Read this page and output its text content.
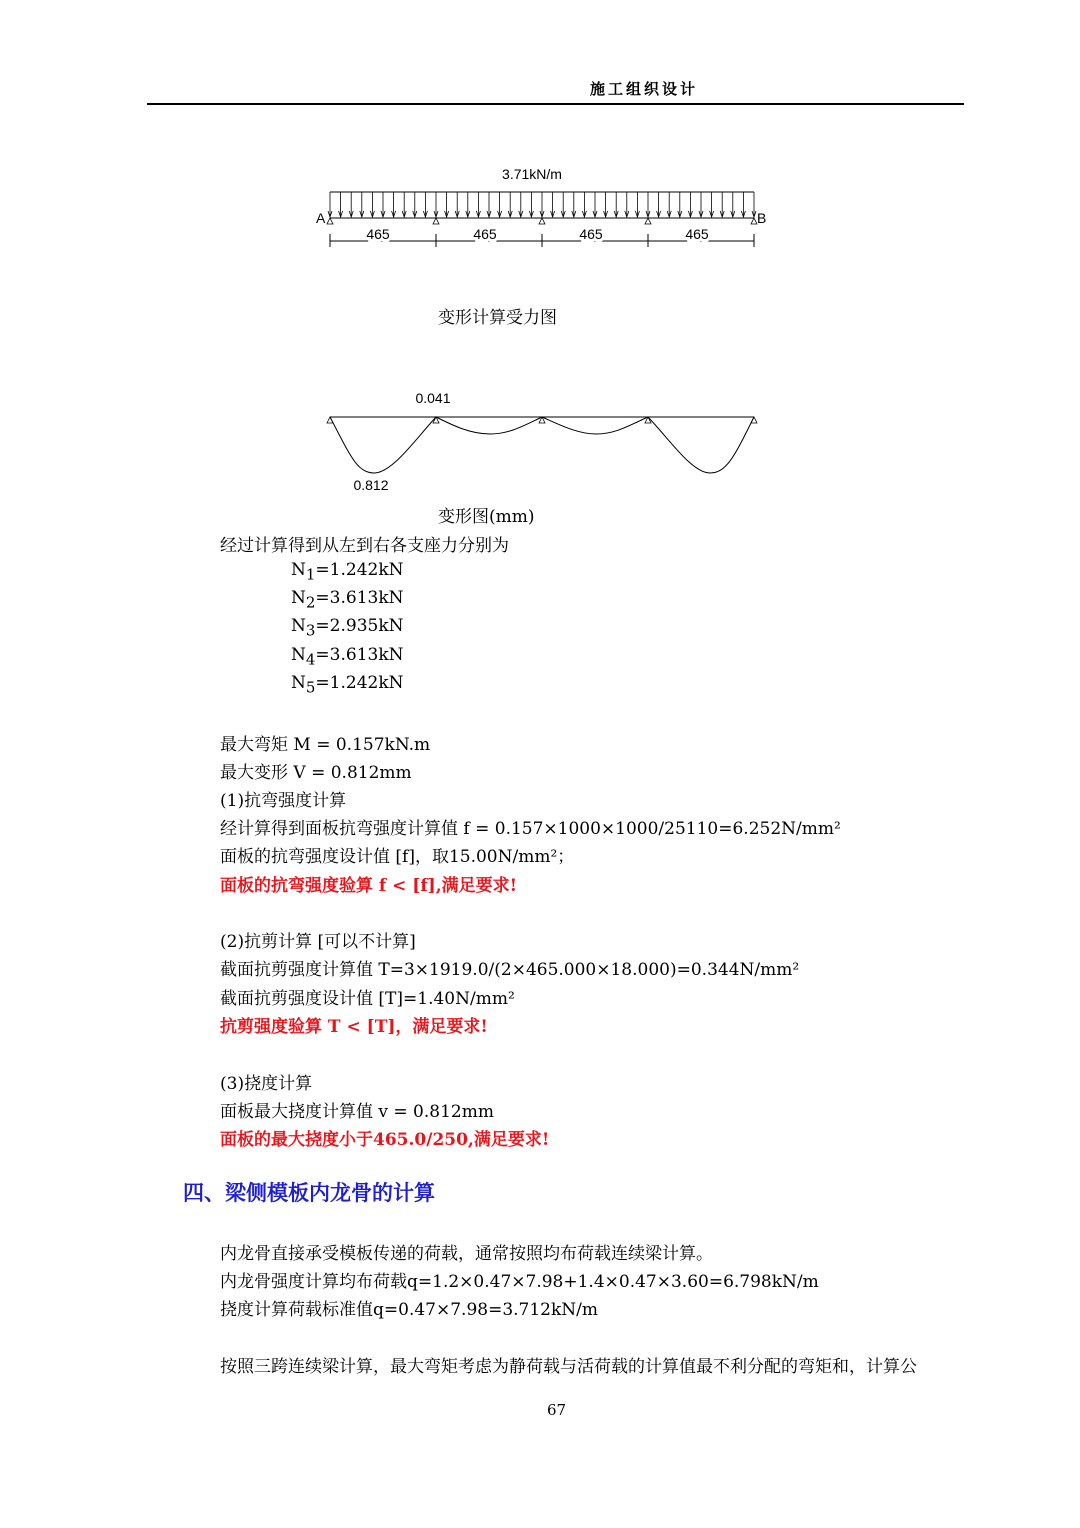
施工组织设计
3.71kN/m
A	B
465	465	465	465
变形计算受力图
0.041
0.812
变形图(mm)
经过计算得到从左到右各支座力分别为
$N_1=1.242kN$
$N_2=3.613kN$
$N_3=2.935kN$
$N_4=3.613kN$
$N_5=1.242kN$
最大弯矩 M = 0.157kN.m
最大变形 V = 0.812mm
(1)抗弯强度计算
经计算得到面板抗弯强度计算值 f = 0.157×1000×1000/25110=6.252N/mm²
面板的抗弯强度设计值 [f]，取15.00N/mm²；
面板的抗弯强度验算 f < [f],满足要求!
(2)抗剪计算 [可以不计算]
截面抗剪强度计算值 T=3×1919.0/(2×465.000×18.000)=0.344N/mm²
截面抗剪强度设计值 [T]=1.40N/mm²
抗剪强度验算 T < [T]，满足要求!
(3)挠度计算
面板最大挠度计算值 v = 0.812mm
面板的最大挠度小于465.0/250,满足要求!
四、梁侧模板内龙骨的计算
内龙骨直接承受模板传递的荷载，通常按照均布荷载连续梁计算。
内龙骨强度计算均布荷载q=1.2×0.47×7.98+1.4×0.47×3.60=6.798kN/m
挠度计算荷载标准值q=0.47×7.98=3.712kN/m
按照三跨连续梁计算，最大弯矩考虑为静荷载与活荷载的计算值最不利分配的弯矩和，计算公
67
